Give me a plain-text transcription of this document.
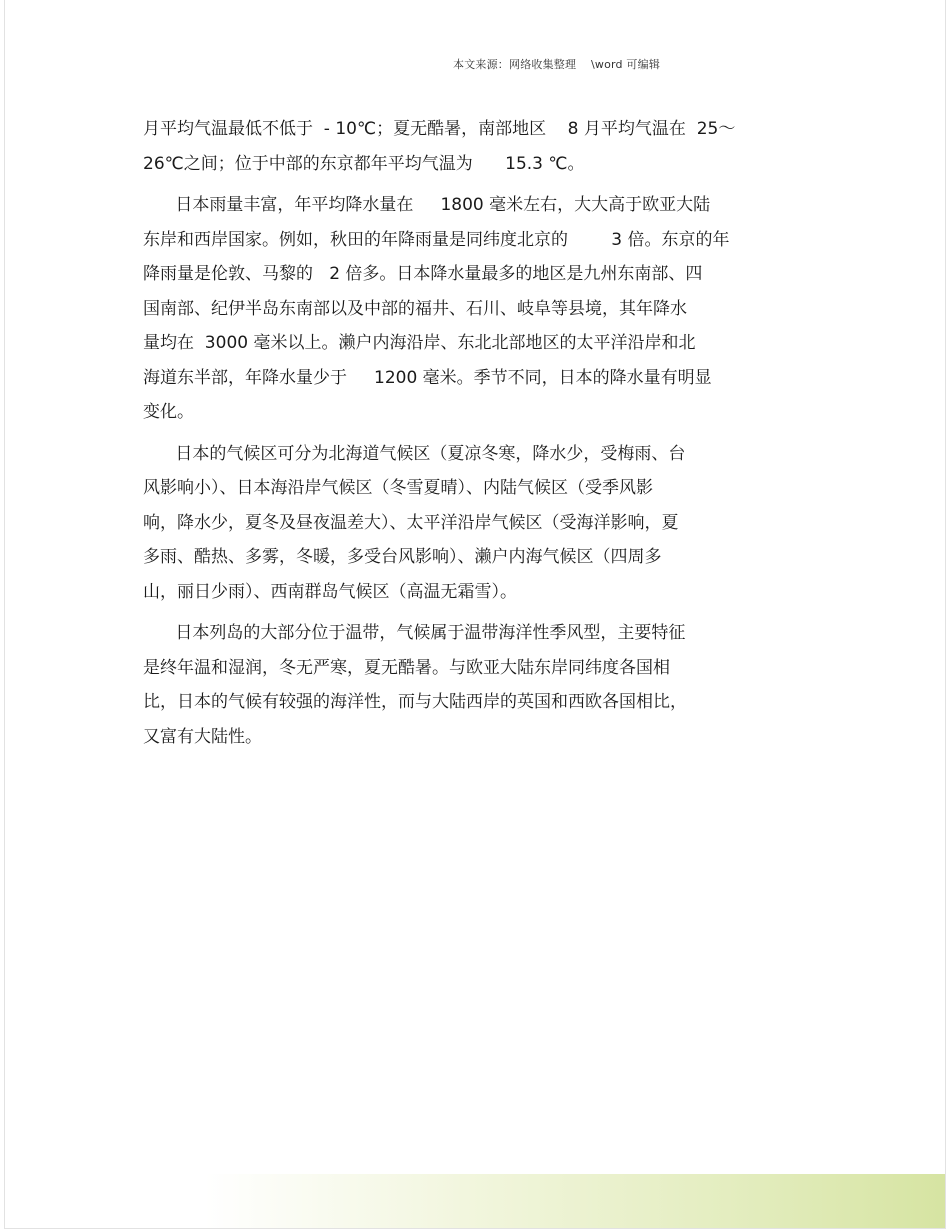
本文来源：网络收集整理    \word 可编辑
月平均气温最低不低于  - 10℃；夏无酷暑，南部地区    8 月平均气温在  25～
26℃之间；位于中部的东京都年平均气温为      15.3 ℃。
日本雨量丰富，年平均降水量在     1800 毫米左右，大大高于欧亚大陆
东岸和西岸国家。例如，秋田的年降雨量是同纬度北京的        3 倍。东京的年
降雨量是伦敦、马黎的   2 倍多。日本降水量最多的地区是九州东南部、四
国南部、纪伊半岛东南部以及中部的福井、石川、岐阜等县境，其年降水
量均在  3000 毫米以上。濑户内海沿岸、东北北部地区的太平洋沿岸和北
海道东半部，年降水量少于     1200 毫米。季节不同，日本的降水量有明显
变化。
日本的气候区可分为北海道气候区（夏凉冬寒，降水少，受梅雨、台
风影响小）、日本海沿岸气候区（冬雪夏晴）、内陆气候区（受季风影
响，降水少，夏冬及昼夜温差大）、太平洋沿岸气候区（受海洋影响，夏
多雨、酷热、多雾，冬暖，多受台风影响）、濑户内海气候区（四周多
山，丽日少雨）、西南群岛气候区（高温无霜雪）。
日本列岛的大部分位于温带，气候属于温带海洋性季风型，主要特征
是终年温和湿润，冬无严寒，夏无酷暑。与欧亚大陆东岸同纬度各国相
比，日本的气候有较强的海洋性，而与大陆西岸的英国和西欧各国相比，
又富有大陆性。
